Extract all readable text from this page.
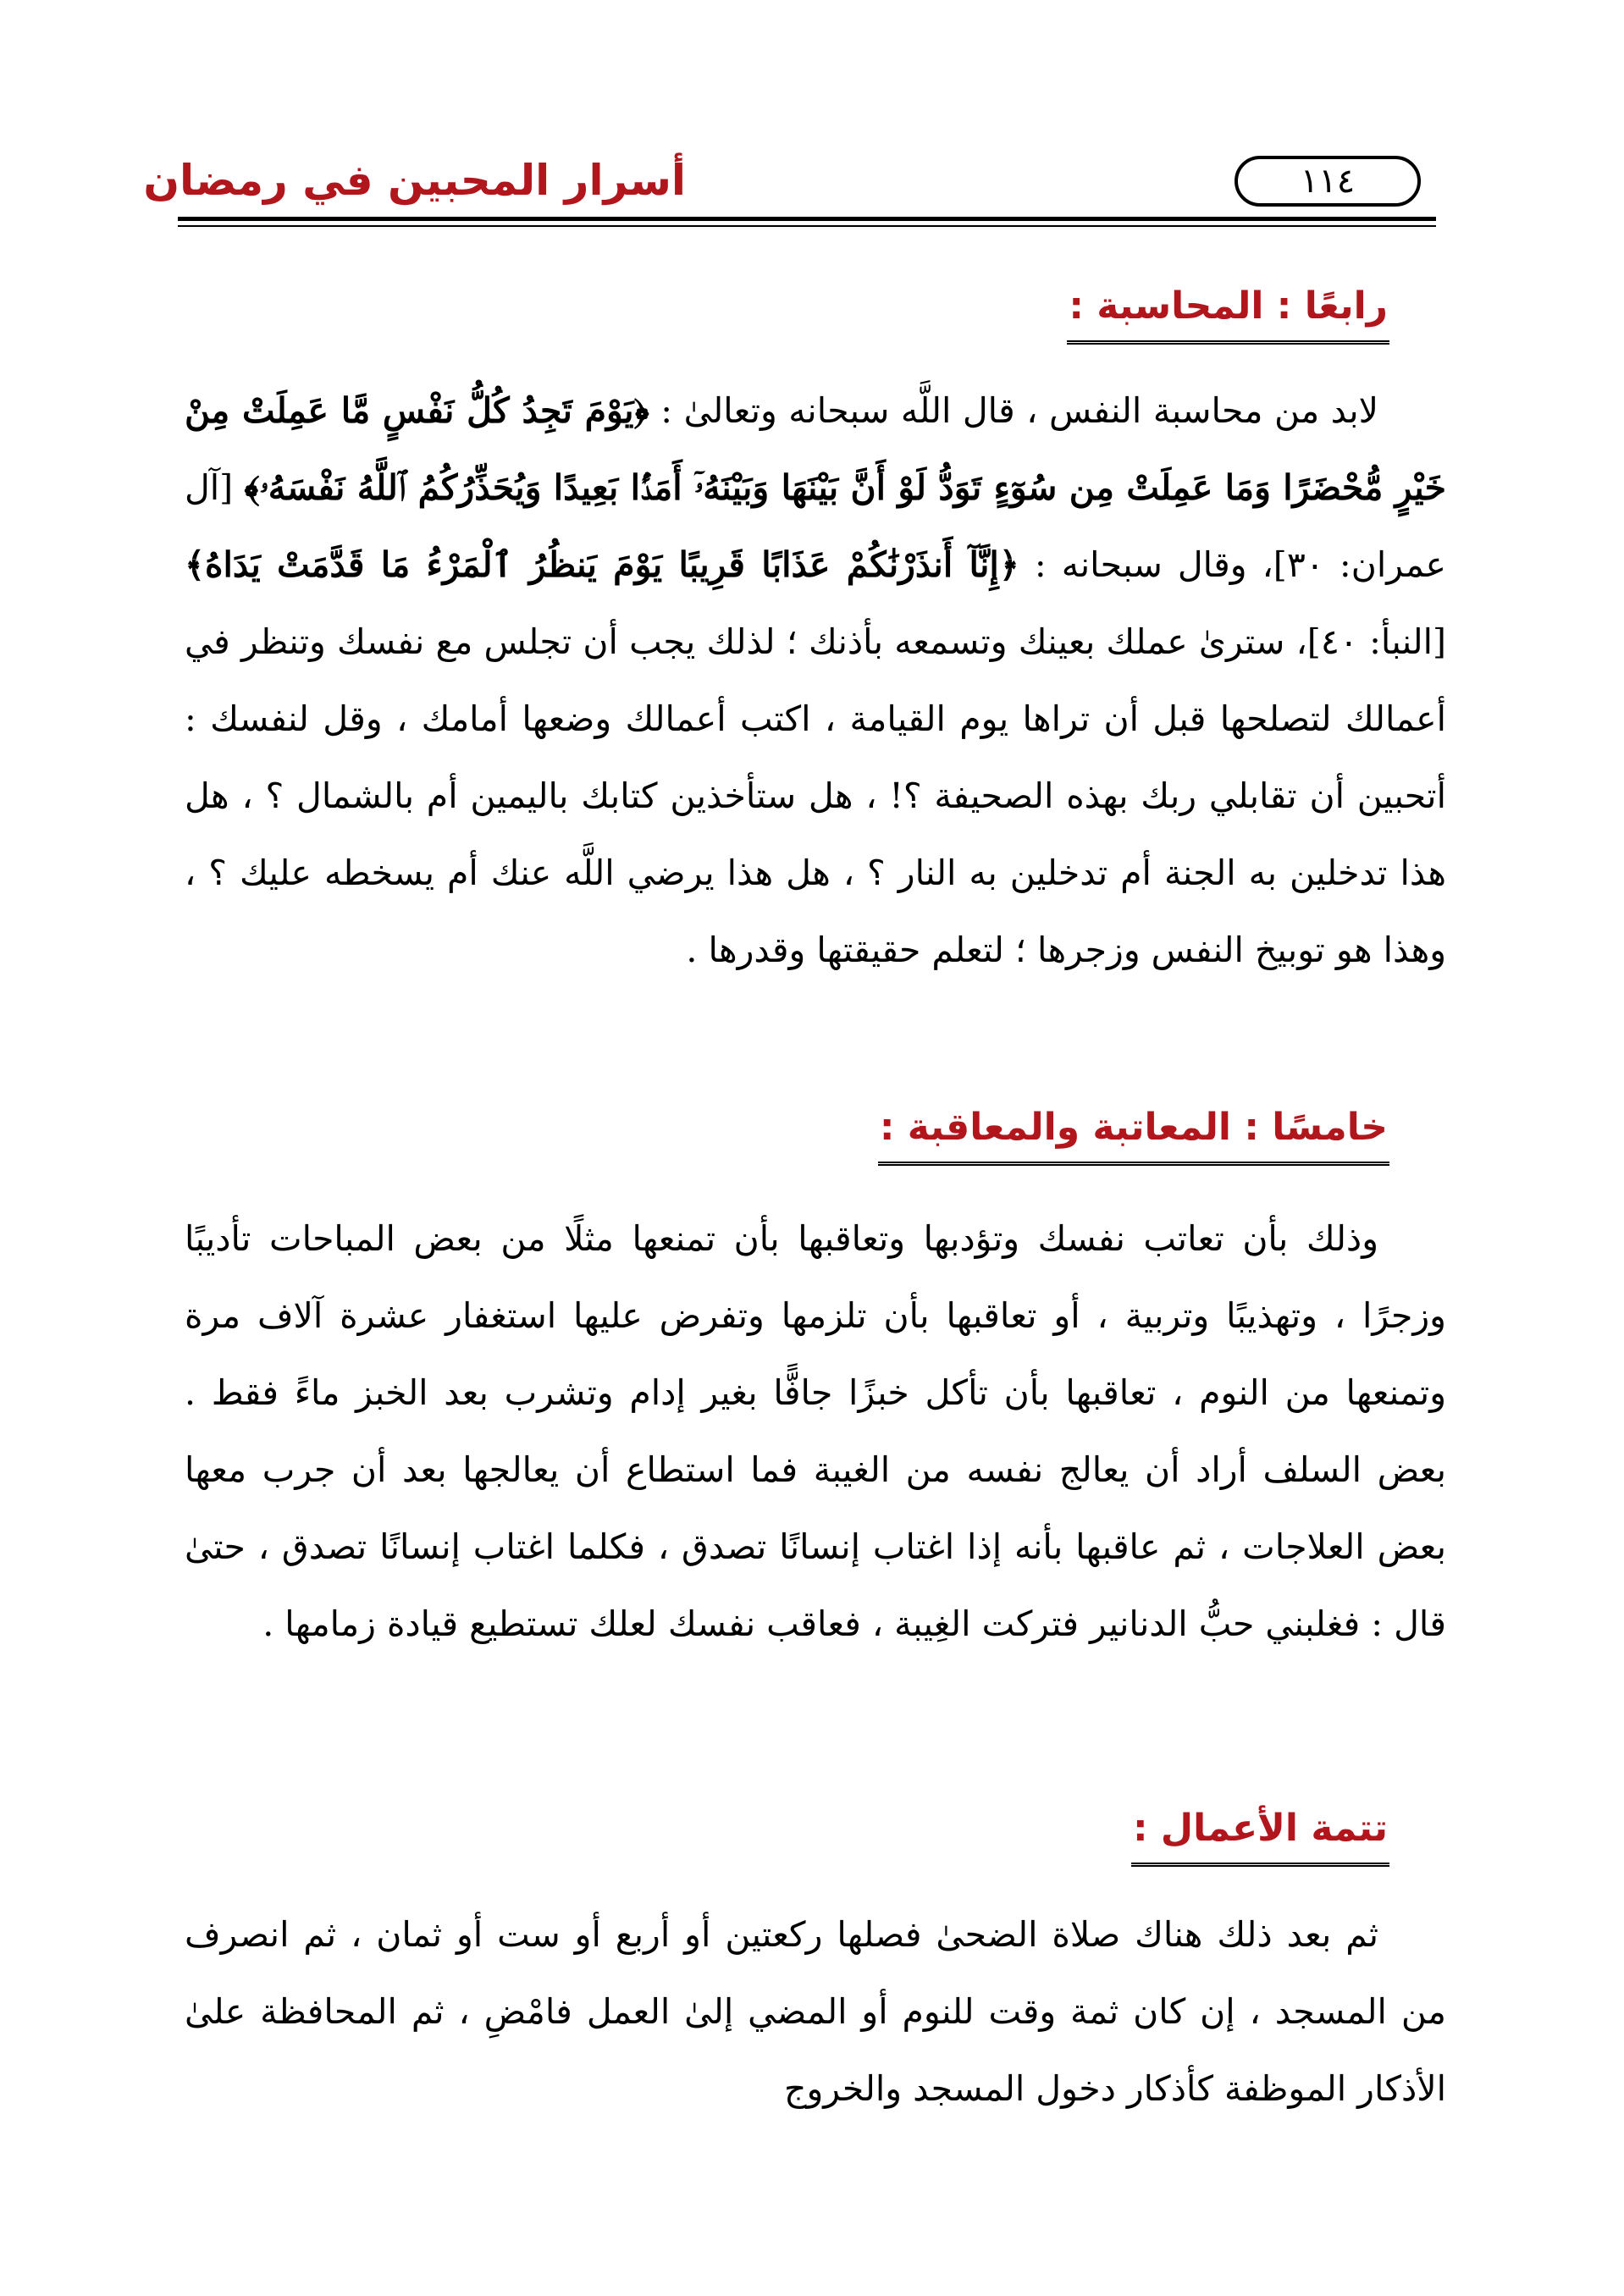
١١٤
أسرار المحبين في رمضان
رابعًا : المحاسبة :

لابد من محاسبة النفس ، قال اللَّه سبحانه وتعالىٰ : ﴿يَوْمَ تَجِدُ كُلُّ نَفْسٍ مَّا عَمِلَتْ مِنْ خَيْرٍ مُّحْضَرًا وَمَا عَمِلَتْ مِن سُوٓءٍ تَوَدُّ لَوْ أَنَّ بَيْنَهَا وَبَيْنَهُۥٓ أَمَدًۢا بَعِيدًا وَيُحَذِّرُكُمُ ٱللَّهُ نَفْسَهُۥ﴾ [آل عمران: ٣٠]، وقال سبحانه : ﴿إِنَّآ أَنذَرْنَٰكُمْ عَذَابًا قَرِيبًا يَوْمَ يَنظُرُ ٱلْمَرْءُ مَا قَدَّمَتْ يَدَاهُ﴾ [النبأ: ٤٠]، سترىٰ عملك بعينك وتسمعه بأذنك ؛ لذلك يجب أن تجلس مع نفسك وتنظر في أعمالك لتصلحها قبل أن تراها يوم القيامة ، اكتب أعمالك وضعها أمامك ، وقل لنفسك : أتحبين أن تقابلي ربك بهذه الصحيفة ؟! ، هل ستأخذين كتابك باليمين أم بالشمال ؟ ، هل هذا تدخلين به الجنة أم تدخلين به النار ؟ ، هل هذا يرضي اللَّه عنك أم يسخطه عليك ؟ ، وهذا هو توبيخ النفس وزجرها ؛ لتعلم حقيقتها وقدرها .

خامسًا : المعاتبة والمعاقبة :

وذلك بأن تعاتب نفسك وتؤدبها وتعاقبها بأن تمنعها مثلًا من بعض المباحات تأديبًا وزجرًا ، وتهذيبًا وتربية ، أو تعاقبها بأن تلزمها وتفرض عليها استغفار عشرة آلاف مرة وتمنعها من النوم ، تعاقبها بأن تأكل خبزًا جافًّا بغير إدام وتشرب بعد الخبز ماءً فقط . بعض السلف أراد أن يعالج نفسه من الغيبة فما استطاع أن يعالجها بعد أن جرب معها بعض العلاجات ، ثم عاقبها بأنه إذا اغتاب إنسانًا تصدق ، فكلما اغتاب إنسانًا تصدق ، حتىٰ قال : فغلبني حبُّ الدنانير فتركت الغِيبة ، فعاقب نفسك لعلك تستطيع قيادة زمامها .

تتمة الأعمال :

ثم بعد ذلك هناك صلاة الضحىٰ فصلها ركعتين أو أربع أو ست أو ثمان ، ثم انصرف من المسجد ، إن كان ثمة وقت للنوم أو المضي إلىٰ العمل فامْضِ ، ثم المحافظة علىٰ الأذكار الموظفة كأذكار دخول المسجد والخروج
